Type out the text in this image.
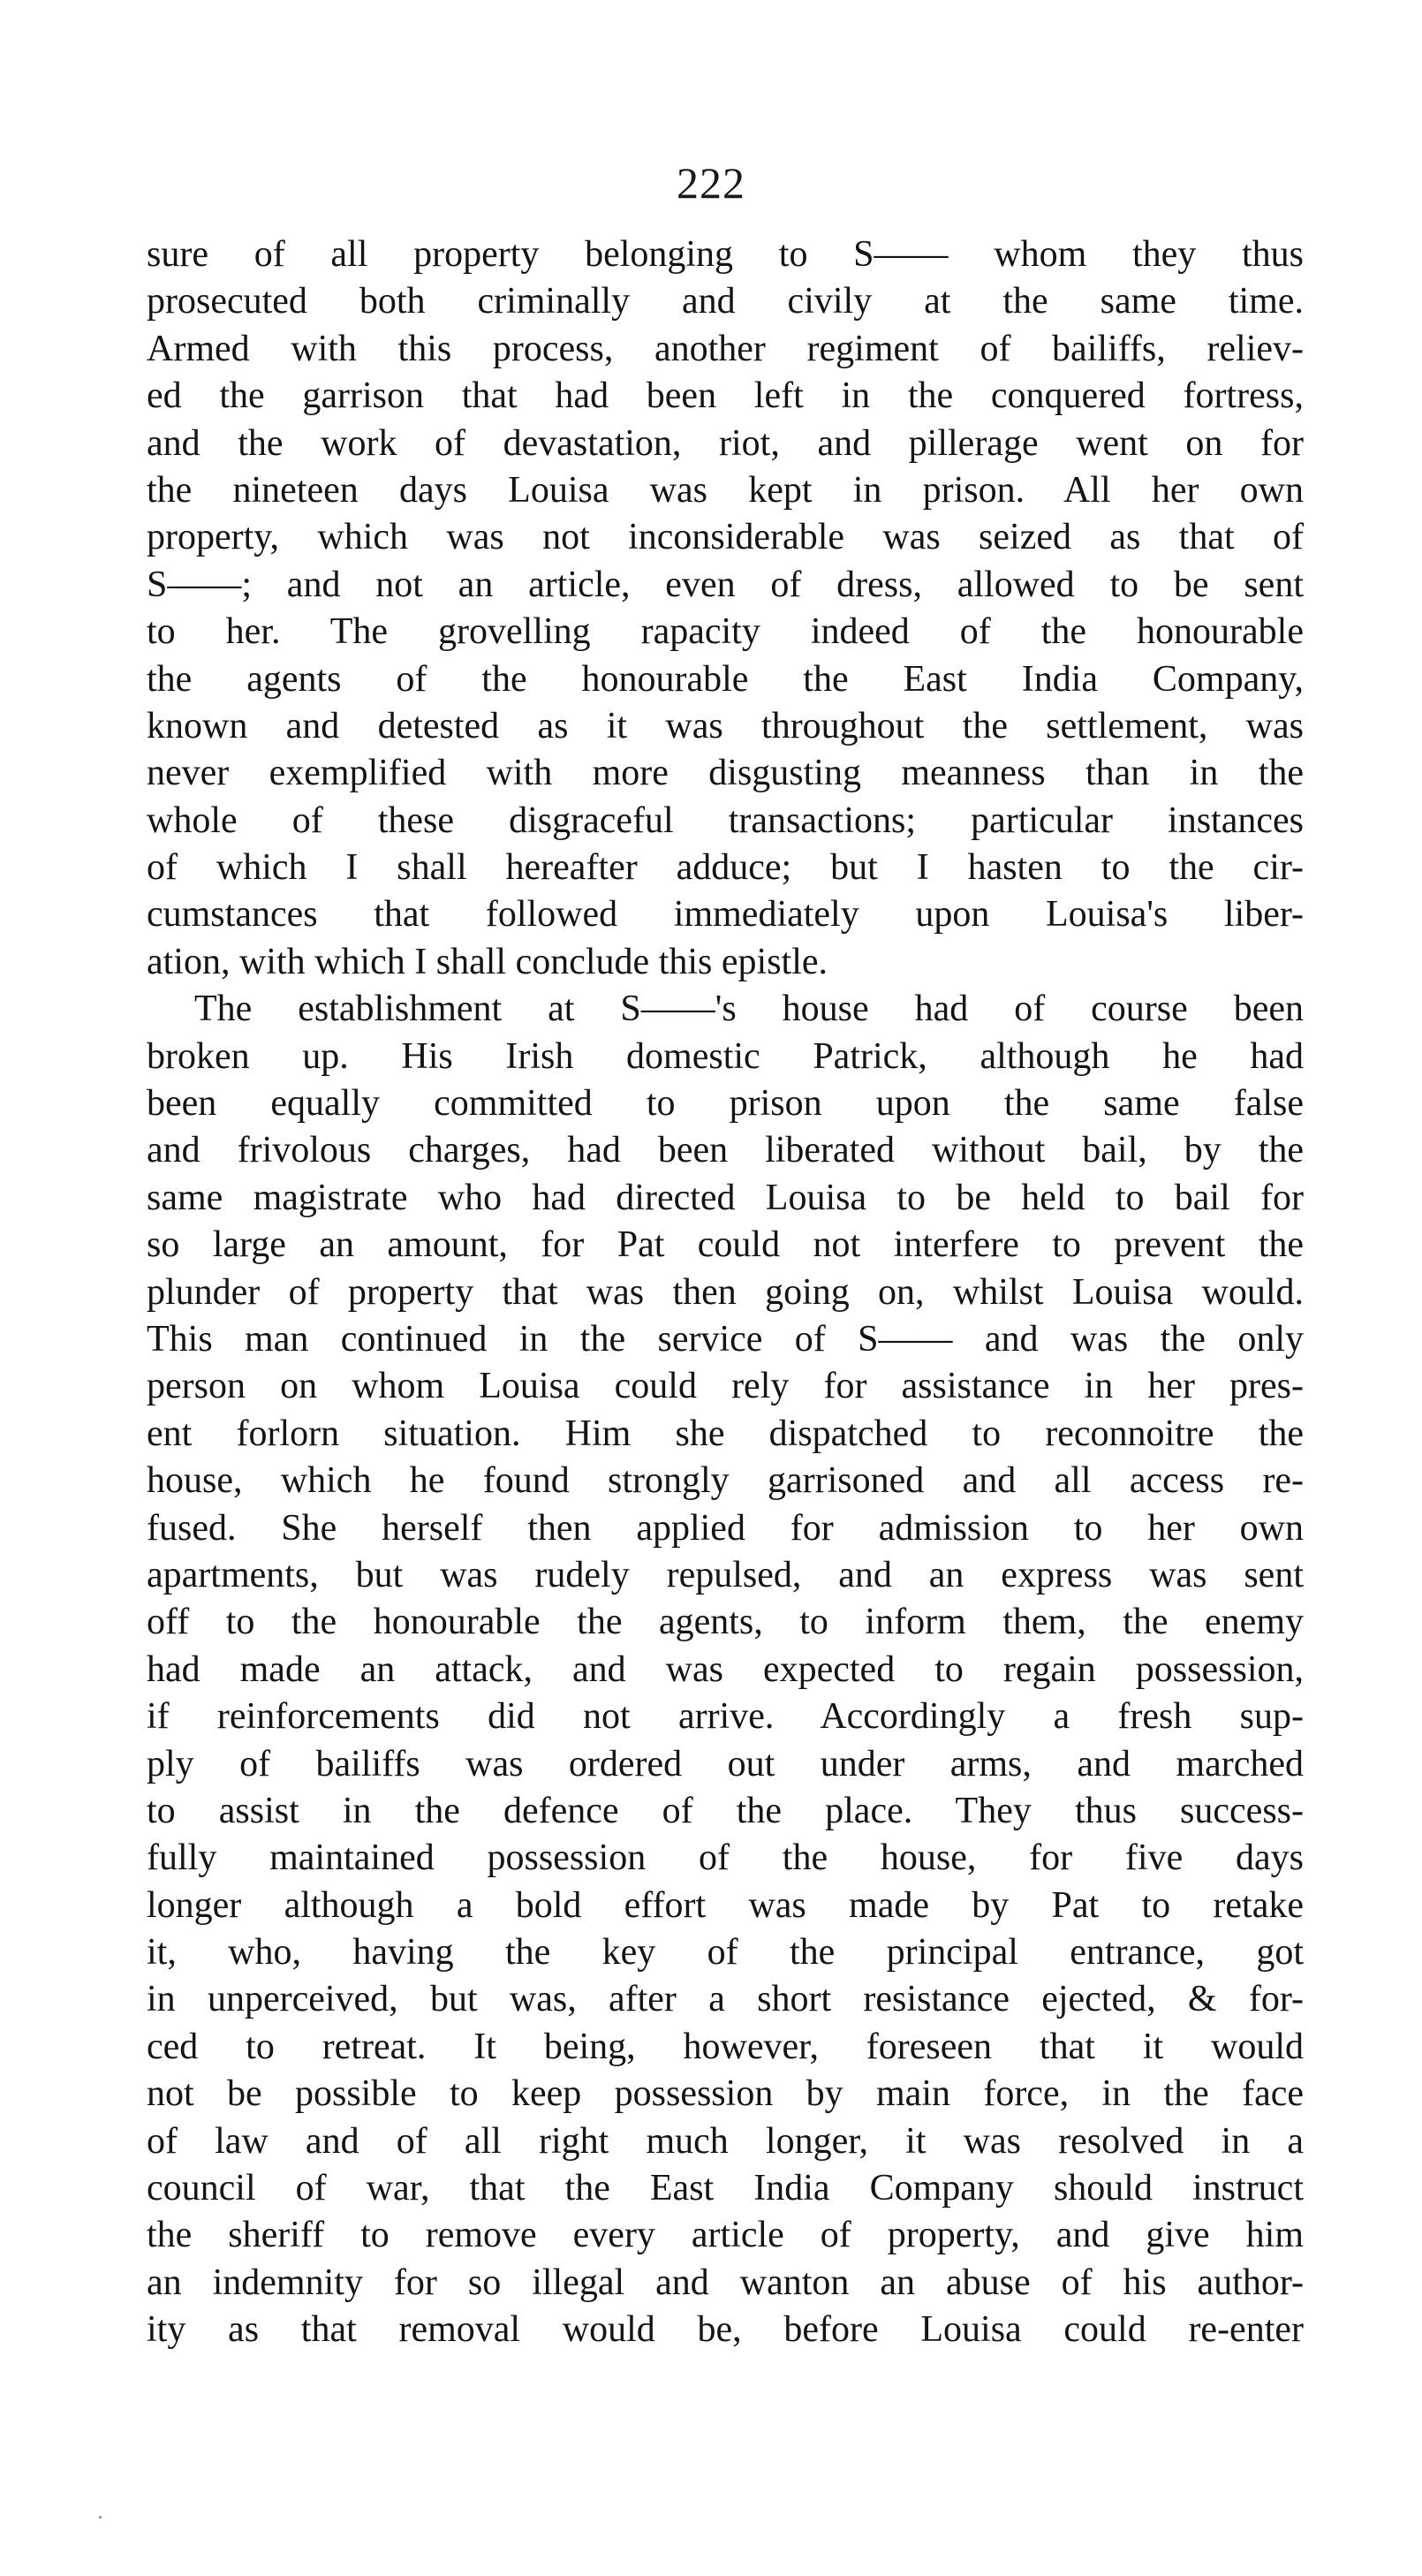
222
sure of all property belonging to S—— whom they thus
prosecuted both criminally and civily at the same time.
Armed with this process, another regiment of bailiffs, reliev-
ed the garrison that had been left in the conquered fortress,
and the work of devastation, riot, and pillerage went on for
the nineteen days Louisa was kept in prison. All her own
property, which was not inconsiderable was seized as that of
S——; and not an article, even of dress, allowed to be sent
to her. The grovelling rapacity indeed of the honourable
the agents of the honourable the East India Company,
known and detested as it was throughout the settlement, was
never exemplified with more disgusting meanness than in the
whole of these disgraceful transactions; particular instances
of which I shall hereafter adduce; but I hasten to the cir-
cumstances that followed immediately upon Louisa's liber-
ation, with which I shall conclude this epistle.
The establishment at S——'s house had of course been
broken up. His Irish domestic Patrick, although he had
been equally committed to prison upon the same false
and frivolous charges, had been liberated without bail, by the
same magistrate who had directed Louisa to be held to bail for
so large an amount, for Pat could not interfere to prevent the
plunder of property that was then going on, whilst Louisa would.
This man continued in the service of S—— and was the only
person on whom Louisa could rely for assistance in her pres-
ent forlorn situation. Him she dispatched to reconnoitre the
house, which he found strongly garrisoned and all access re-
fused. She herself then applied for admission to her own
apartments, but was rudely repulsed, and an express was sent
off to the honourable the agents, to inform them, the enemy
had made an attack, and was expected to regain possession,
if reinforcements did not arrive. Accordingly a fresh sup-
ply of bailiffs was ordered out under arms, and marched
to assist in the defence of the place. They thus success-
fully maintained possession of the house, for five days
longer although a bold effort was made by Pat to retake
it, who, having the key of the principal entrance, got
in unperceived, but was, after a short resistance ejected, & for-
ced to retreat. It being, however, foreseen that it would
not be possible to keep possession by main force, in the face
of law and of all right much longer, it was resolved in a
council of war, that the East India Company should instruct
the sheriff to remove every article of property, and give him
an indemnity for so illegal and wanton an abuse of his author-
ity as that removal would be, before Louisa could re-enter
